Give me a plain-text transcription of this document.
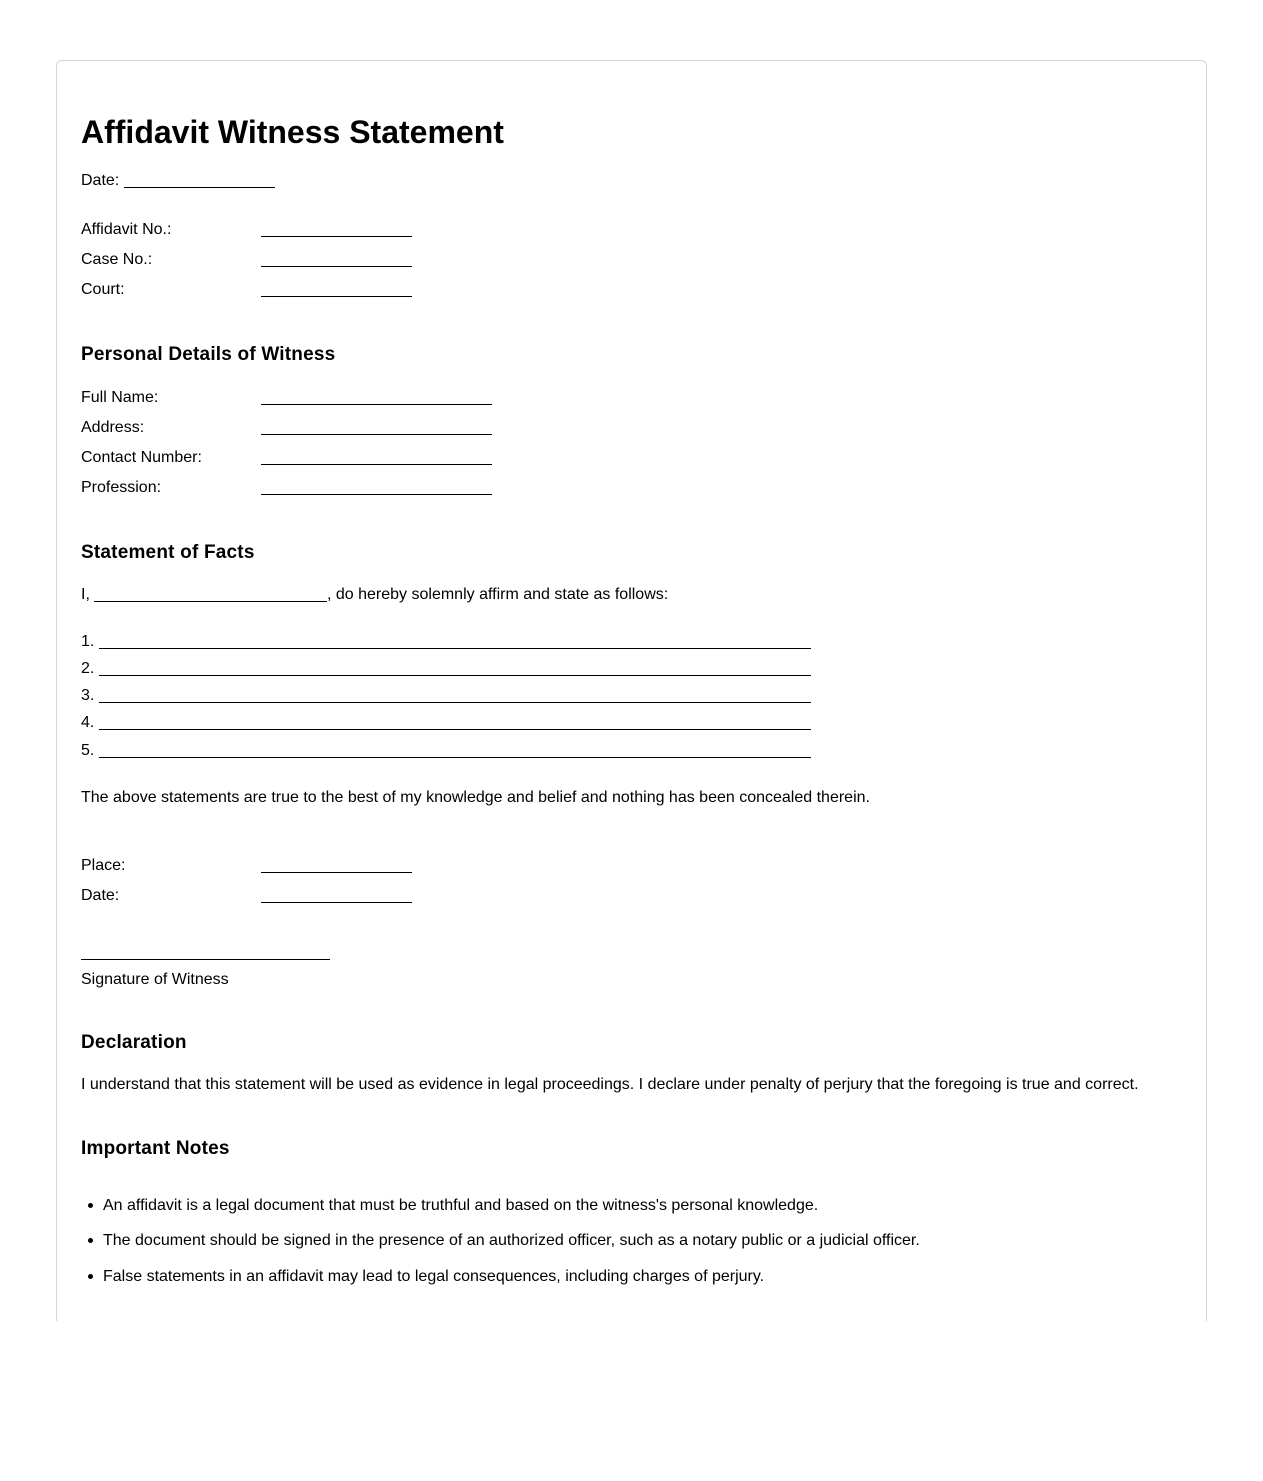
Affidavit Witness Statement
Date:
Affidavit No.:
Case No.:
Court:
Personal Details of Witness
Full Name:
Address:
Contact Number:
Profession:
Statement of Facts
I,	, do hereby solemnly affirm and state as follows:
1.
2.
3.
4.
5.
The above statements are true to the best of my knowledge and belief and nothing has been concealed therein.
Place:
Date:
Signature of Witness
Declaration
I understand that this statement will be used as evidence in legal proceedings. I declare under penalty of perjury that the foregoing is true and correct.
Important Notes
An affidavit is a legal document that must be truthful and based on the witness's personal knowledge.
The document should be signed in the presence of an authorized officer, such as a notary public or a judicial officer.
False statements in an affidavit may lead to legal consequences, including charges of perjury.
